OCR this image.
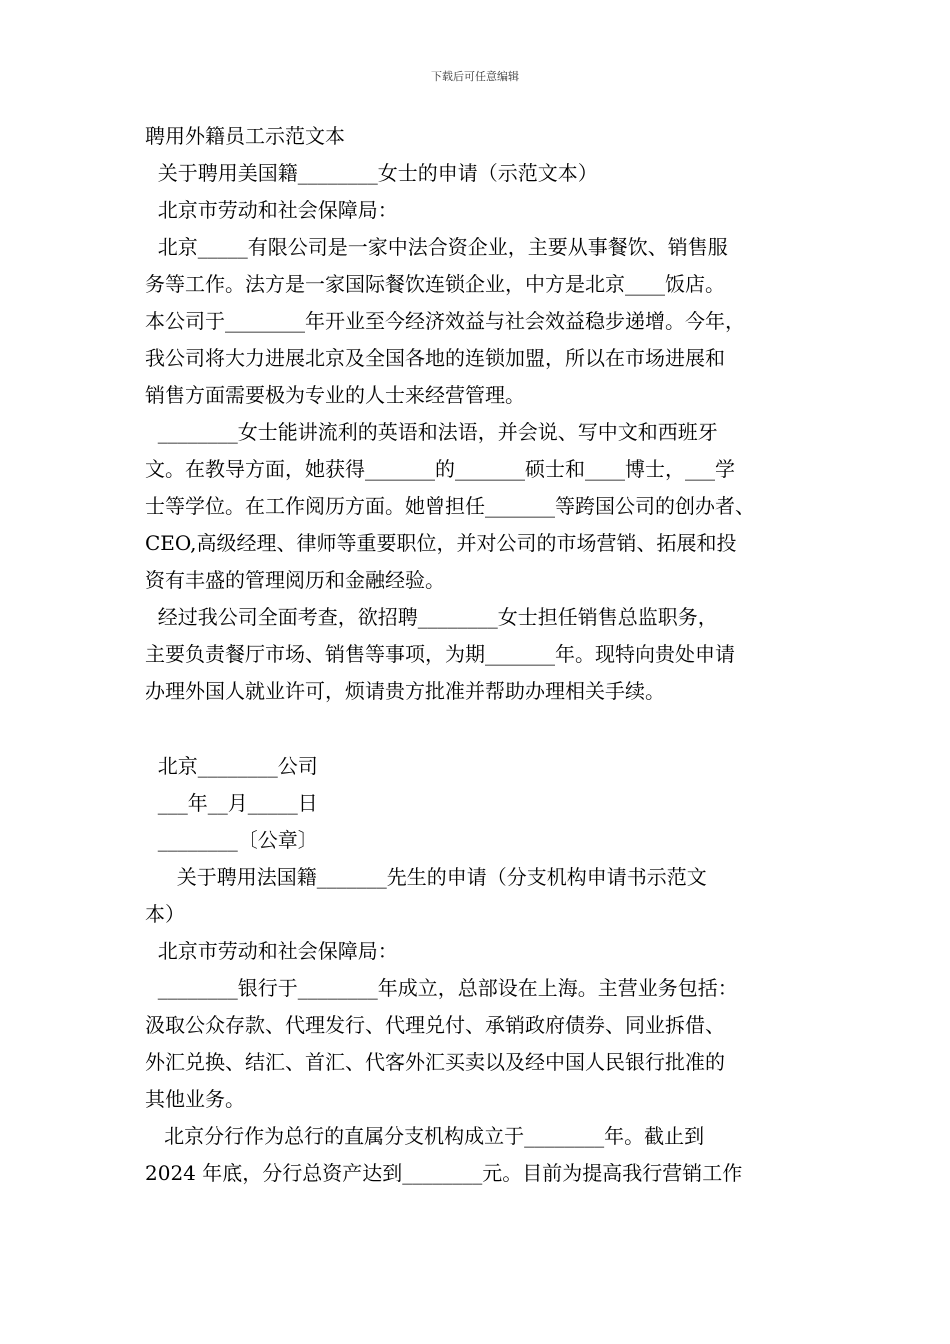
下载后可任意编辑
聘用外籍员工示范文本
关于聘用美国籍________女士的申请（示范文本）
北京市劳动和社会保障局：
北京_____有限公司是一家中法合资企业，主要从事餐饮、销售服
务等工作。法方是一家国际餐饮连锁企业，中方是北京____饭店。
本公司于________年开业至今经济效益与社会效益稳步递增。今年，
我公司将大力进展北京及全国各地的连锁加盟，所以在市场进展和
销售方面需要极为专业的人士来经营管理。
________女士能讲流利的英语和法语，并会说、写中文和西班牙
文。在教导方面，她获得_______的_______硕士和____博士，___学
士等学位。在工作阅历方面。她曾担任_______等跨国公司的创办者、
CEO,高级经理、律师等重要职位，并对公司的市场营销、拓展和投
资有丰盛的管理阅历和金融经验。
经过我公司全面考查，欲招聘________女士担任销售总监职务，
主要负责餐厅市场、销售等事项，为期_______年。现特向贵处申请
办理外国人就业许可，烦请贵方批准并帮助办理相关手续。
北京________公司
___年__月_____日
________〔公章〕
关于聘用法国籍_______先生的申请（分支机构申请书示范文
本）
北京市劳动和社会保障局：
________银行于________年成立，总部设在上海。主营业务包括：
汲取公众存款、代理发行、代理兑付、承销政府债券、同业拆借、
外汇兑换、结汇、首汇、代客外汇买卖以及经中国人民银行批准的
其他业务。
北京分行作为总行的直属分支机构成立于________年。截止到
2024 年底，分行总资产达到________元。目前为提高我行营销工作
